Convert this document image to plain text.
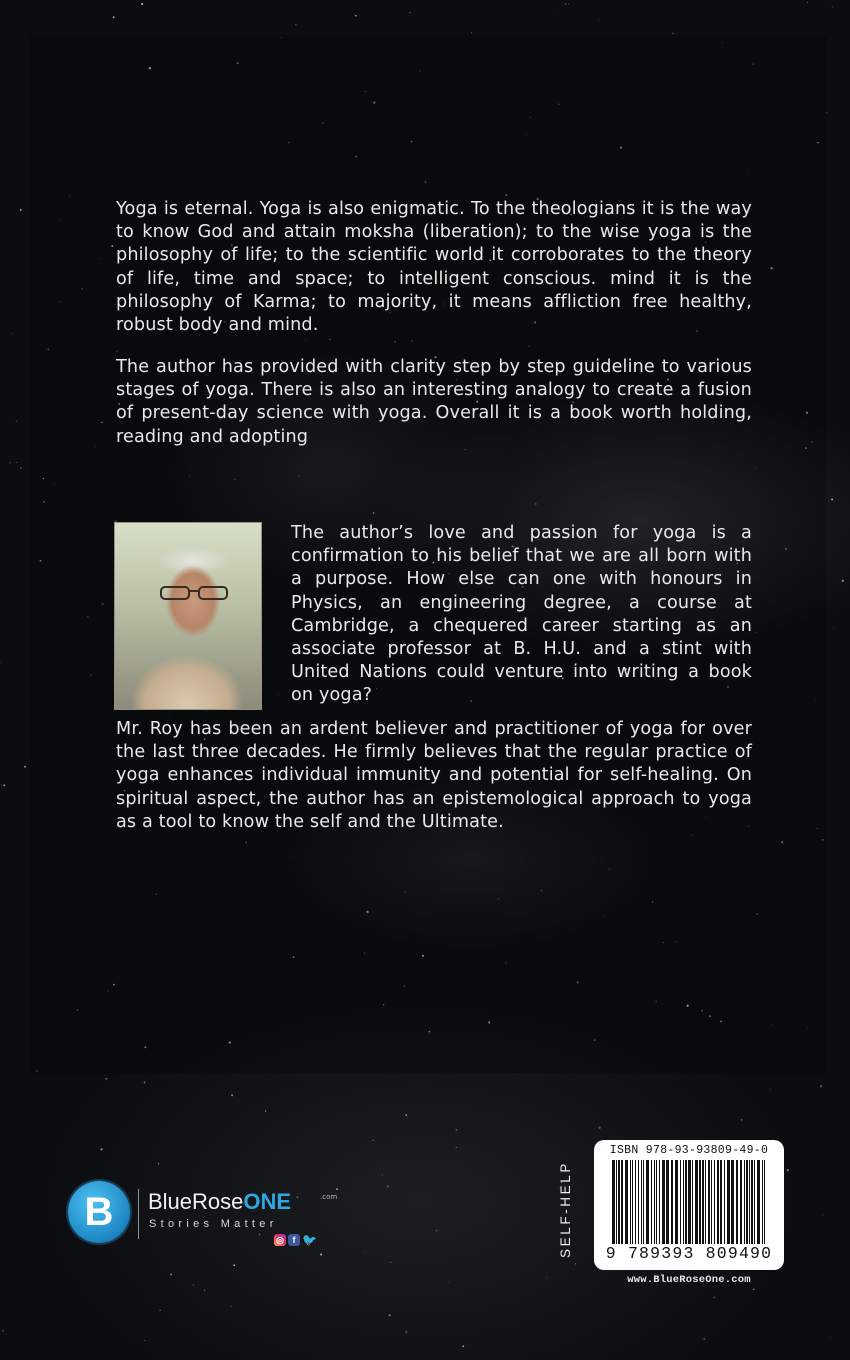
Yoga is eternal. Yoga is also enigmatic. To the theologians it is the way to know God and attain moksha (liberation); to the wise yoga is the philosophy of life; to the scientific world it corroborates to the theory of life, time and space; to intelligent conscious. mind it is the philosophy of Karma; to majority, it means affliction free healthy, robust body and mind.

The author has provided with clarity step by step guideline to various stages of yoga. There is also an interesting analogy to create a fusion of present-day science with yoga. Overall it is a book worth holding, reading and adopting

The author’s love and passion for yoga is a confirmation to his belief that we are all born with a purpose. How else can one with honours in Physics, an engineering degree, a course at Cambridge, a chequered career starting as an associate professor at B. H.U. and a stint with United Nations could venture into writing a book on yoga?

Mr. Roy has been an ardent believer and practitioner of yoga for over the last three decades. He firmly believes that the regular practice of yoga enhances individual immunity and potential for self-healing. On spiritual aspect, the author has an epistemological approach to yoga as a tool to know the self and the Ultimate.

B	BlueRoseONE	.com
Stories Matter
◎ f 🐦	SELF-HELP
ISBN 978-93-93809-49-0
9 789393 809490
www.BlueRoseOne.com
